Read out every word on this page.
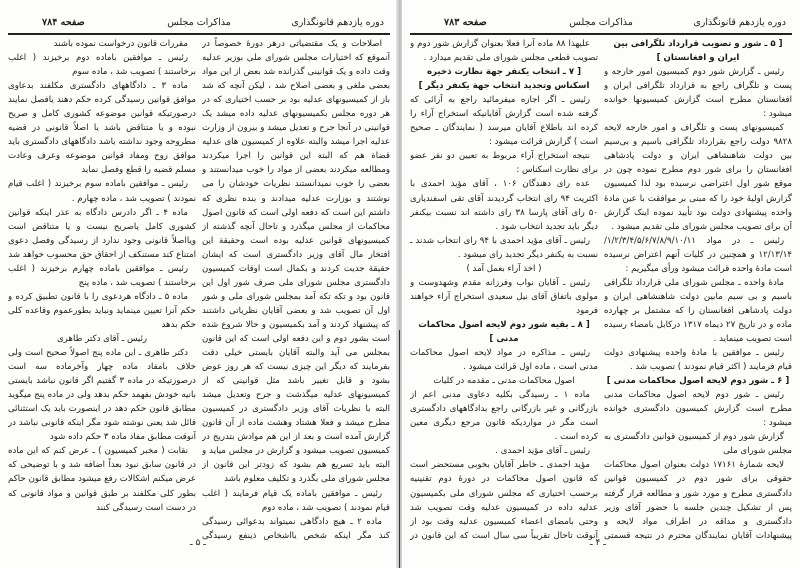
دوره یازدهم قانونگذاری
مذاکرات مجلس
صفحه ۷۸۴

اصلاحات و یک مقتضیاتی درهر دورهٔ خصوصاً در آنموقع که اختیارات مجلس شورای ملی بوزیر عدلیه وقت داده و یک قوانینی گذرانده شد بعض از این مواد بعضی ملغی و بعضی اصلاح شد ، لیکن آنچه که شد باز از کمیسیونهای عدلیه بود بر حسب اختیاری که در هر دوره مجلس بکمیسیونهای عدلیه داده میشد یک قوانینی در آنجا جرح و تعدیل میشد و بیرون از وزارت عدلیه اجرا میشد والبته علاوه از کمیسیون های عدلیه قضاة هم که البته این قوانین را اجرا میکردند ومطالعه میکردند بعضی از مواد را خوب میدانستند و بعضی را خوب نمیدانستند نظریات خودشان را می نوشتند و بوزارت عدلیه میدادند و بنده نظری که داشتم این است که دفعه اولی است که قانون اصول محاکمات از مجلس میگذرد و تاحال آنچه گذشته از کمیسیونهای قوانین عدلیه بوده است وحقیقة این افتخار مال آقای وزیر دادگستری است که ایشان حقیقة جدیت کردند و بکمال است اوقات کمیسیون دادگستری مجلس شورای ملی صرف شور اول این قانون بود و تکه تکه آمد بمجلس شورای ملی و شور اول آن تصویب شد و بعضی آقایان نظریاتی داشتند که پیشنهاد کردند و آمد بکمیسیون و حالا شروع شده است بشور دوم و این دفعه اولی است که این قانون بمجلس می آید والبته آقایان بایستی خیلی دقت بفرمایند که دیگر این چیزی نیست که هر روز عوض بشود و قابل تغییر باشد مثل قوانینی که از کمیسیونهای عدلیه میگذشت و جرح وتعدیل میشد البته با نظریات آقای وزیر دادگستری در کمیسیون مطرح میشد و فعلا هشتاد وهشت ماده از آن قانون گزارش آمده است و بعد از این هم موادش بتدریج در کمیسیون تصویب میشود و گزارش در مجلس میاید و البته باید تسریع هم بشود که زودتر این قانون از مجلس شورای ملی بگذرد و تکلیف معلوم باشد

رئیس ـ موافقین باماده یک قیام فرمایند ( اغلب قیام نمودند ) تصویب شد ، ماده دوم

ماده ۲ ـ هیچ دادگاهی نمیتواند بدعوائی رسیدگی کند مگر اینکه شخص یااشخاص ذینفع رسیدگی

مقررات قانون درخواست نموده باشند

رئیس ـ موافقین باماده دوم برخیزند ( اغلب برخاستند ) تصویب شد ، ماده سوم

ماده ۳ ـ دادگاههای دادگستری مکلفند بدعاوی موافق قوانین رسیدگی کرده حکم دهند یافصل نمایند درصورتیکه قوانین موضوعه کشوری کامل و صریح نبوده و یا متناقض باشد یا اصلاً قانونی در قضیه مطروحه وجود نداشته باشد دادگاههای دادگستری باید موافق روح ومفاد قوانین موضوعه وعرف وعادت مسلم قضیه را قطع وفصل نماید

رئیس ـ موافقین باماده سوم برخیزند ( اغلب قیام نمودند ) تصویب شد ، ماده چهارم .

ماده ۴ ـ اگر دادرس دادگاه به عذر اینکه قوانین کشوری کامل یاصریح نیست و یا متناقض است ویااصلاً قانونی وجود ندارد از رسیدگی وفصل دعوی امتناع کند مستنکف از احقاق حق محسوب خواهد شد

رئیس ـ موافقین باماده چهارم برخیزند ( اغلب برخاستند ) تصویب شد ، ماده پنج

ماده ۵ ـ دادگاه هردعوی را با قانون تطبیق کرده و حکم آنرا تعیین مینماید ونباید بطورعموم وقاعده کلی حکم بدهد

رئیس ـ آقای دکتر طاهری

دکتر طاهری ـ این ماده پنج اصولاً صحیح است ولی خلاف بامفاد ماده چهار وآخرماده سه است درصورتیکه در ماده ۳ گفتیم اگر قانون نباشد بایستی بانیه خودش بفهمد حکم بدهد ولی در ماده پنج میگوید مطابق قانون حکم دهد در اینصورت باید یک استثنائی قائل شد یعنی نوشته شود مگر اینکه قانونی نباشد در آنوقت مطابق مفاد ماده ۳ حکم داده شود

نقابت ( مخبر کمیسیون ) ـ عرض کنم که این ماده در قانون سابق نبود بعداً اضافه شد و با توضیحی که عرض میکنم اشکالات رفع میشود مطابق قانون حاکم بطور کلی مکلفند بر طبق قوانین و مواد قانونی که در دست است رسیدگی کنند

ـ ۵ ـ
دوره یازدهم قانونگذاری
مذاکرات مجلس
صفحه ۷۸۳

[ ۵ ـ شور و تصویب قرارداد تلگرافی بین ایران و افغانستان ]

رئیس ـ گزارش شور دوم کمیسیون امور خارجه و پست و تلگراف راجع به قرارداد تلگرافی ایران و افغانستان مطرح است گزارش کمیسیونها خوانده میشود :

کمیسیونهای پست و تلگراف و امور خارجه لایحه ۹۸۲۸ دولت راجع بقرارداد تلگرافی باسیم و بی‌سیم بین دولت شاهنشاهی ایران و دولت پادشاهی افغانستان را برای شور دوم مطرح نموده چون در موقع شور اول اعتراضی نرسیده بود لذا کمیسیون گزارش اولیهٔ خود را که مبنی بر موافقت با عین مادهٔ واحده پیشنهادی دولت بود تأیید نموده اینک گزارش آن برای تصویب مجلس شورای ملی تقدیم میشود .

رئیس ـ در مواد ۱/۲/۳/۴/۵/۶/۷/۸/۹/۱۰/۱۱/ ۱۲/۱۳/۱۴ و همچنین در کلیات آنهم اعتراض نرسیده است مادهٔ واحده قرائت میشود ورأی میگیریم :

مادهٔ واحده ـ مجلس شورای ملی قرارداد تلگرافی باسیم و بی سیم مابین دولت شاهنشاهی ایران و دولت پادشاهی افغانستان را که مشتمل بر چهارده ماده و در تاریخ ۲۷ دیماه ۱۳۱۷ درکابل بامضاء رسیده است تصویب مینماید .

رئیس ـ موافقین با مادهٔ واحده پیشنهادی دولت قیام فرمایند ( اکثر قیام نمودند ) تصویب شد .

[ ۶ ـ شور دوم لایحه اصول محاکمات مدنی ]

رئیس ـ شور دوم لایحه اصول محاکمات مدنی مطرح است گزارش کمیسیون دادگستری خوانده میشود :

گزارش شور دوم از کمیسیون قوانین دادگستری به مجلس شورای ملی

لایحه شمارهٔ ۱۷۱۶۱ دولت بعنوان اصول محاکمات حقوقی برای شور دوم در کمیسیون قوانین دادگستری مطرح و مورد شور و مطالعه قرار گرفته پس از تشکیل چندین جلسه با حضور آقای وزیر دادگستری و مداقه در اطراف مواد لایحه و پیشنهادات آقایان نمایندگان محترم در نتیجه قسمتی

علیهذا ۸۸ ماده آنرا فعلا بعنوان گزارش شور دوم و تصویب قطعی مجلس شورای ملی تقدیم میدارد .

[ ۷ ـ انتخاب یکنفر جهة نظارت ذخیره اسکناس وتجدید انتخاب جهة یکنفر دیگر ]

رئیس ـ اگر اجازه میفرمائید راجع به آرائی که گرفته شده است گزارش آقایانیکه استخراج آراء را کرده اند باطلاع آقایان میرسد ( نمایندگان ـ صحیح است ) گزارش قرائت میشود :

نتیجه استخراج آراء مربوط به تعیین دو نفر عضو برای نظارت اسکناس :

عده رای دهندگان ۱۰۶ ، آقای مؤید احمدی با اکثریت ۹۴ رای انتخاب گردیدند آقای تقی اسفندیاری ۵۰ رای آقای پارسا ۳۸ رای داشته اند نسبت بیکنفر دیگر باید تجدید انتخاب شود .

رئیس ـ آقای مؤید احمدی با ۹۴ رای انتخاب شدند ـ نسبت به یکنفر دیگر تجدید رای میشود .

( اخذ آراء بعمل آمد )

رئیس ـ آقایان نواب وفرزانه مقدم وشهدوست و مولوی باتفاق آقای نیل سعیدی استخراج آراء خواهند فرمود

[ ۸ ـ بقیه شور دوم لایحه اصول محاکمات مدنی ]

رئیس ـ مذاکره در مواد لایحه اصول محاکمات مدنی است ، ماده اول قرائت میشود .

اصول محاکمات مدنی ـ مقدمه در کلیات

ماده ۱ ـ رسیدگی بکلیه دعاوی مدنی اعم از بازرگانی و غیر بازرگانی راجع بدادگاههای دادگستری است مگر در مواردیکه قانون مرجع دیگری معین کرده است .

رئیس ـ آقای مؤید احمدی .

مؤید احمدی ـ خاطر آقایان بخوبی مستحضر است که قانون اصول محاکمات در دورهٔ دوم تقنینیه برحسب اختیاری که مجلس شورای ملی بکمیسیون عدلیه داده در کمیسیون عدلیه وقت تصویب شد وحتی بامضای اعضاء کمیسیون عدلیه وقت بود از آنوقت تاحال تقریباً سی سال است که این قانون در

ـ ۴ ـ
